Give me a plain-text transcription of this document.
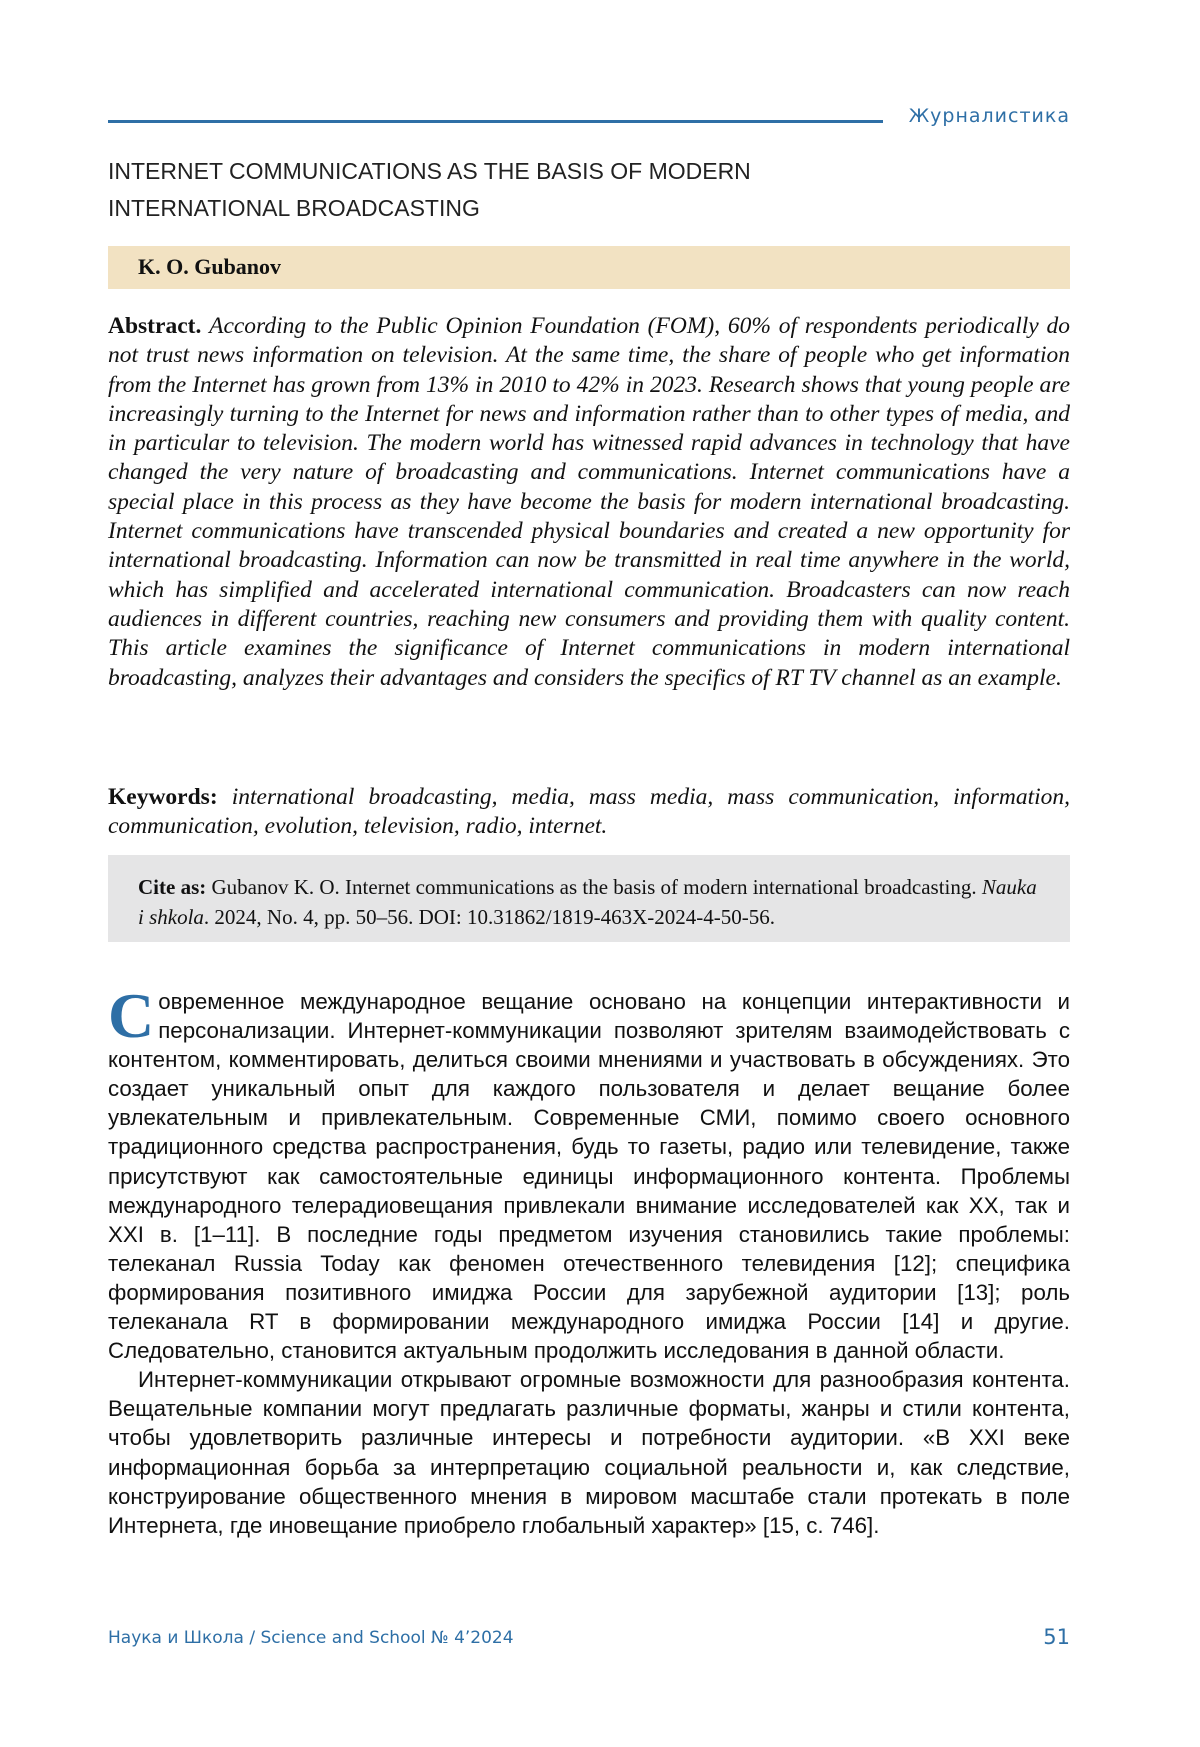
Журналистика
INTERNET COMMUNICATIONS AS THE BASIS OF MODERN
INTERNATIONAL BROADCASTING
K. O. Gubanov

Abstract. According to the Public Opinion Foundation (FOM), 60% of respondents periodically do not trust news information on television. At the same time, the share of people who get information from the Internet has grown from 13% in 2010 to 42% in 2023. Research shows that young people are increasingly turning to the Internet for news and information rather than to other types of media, and in particular to television. The modern world has witnessed rapid advances in technology that have changed the very nature of broadcasting and communications. Internet communications have a special place in this process as they have become the basis for modern international broadcasting. Internet communications have transcended physical boundaries and created a new opportunity for international broadcasting. Information can now be transmitted in real time anywhere in the world, which has simplified and accelerated international communication. Broadcasters can now reach audiences in different countries, reaching new consumers and providing them with quality content. This article examines the significance of Internet communications in modern international broadcasting, analyzes their advantages and considers the specifics of RT TV channel as an example.

Keywords: international broadcasting, media, mass media, mass communication, information, communication, evolution, television, radio, internet.

Cite as: Gubanov K. O. Internet communications as the basis of modern international broadcasting. Nauka i shkola. 2024, No. 4, pp. 50–56. DOI: 10.31862/1819-463X-2024-4-50-56.

Современное международное вещание основано на концепции интерактивности и персонализации. Интернет-коммуникации позволяют зрителям взаимодействовать с контентом, комментировать, делиться своими мнениями и участвовать в обсуждениях. Это создает уникальный опыт для каждого пользователя и делает вещание более увлекательным и привлекательным. Современные СМИ, помимо своего основного традиционного средства распространения, будь то газеты, радио или телевидение, также присутствуют как самостоятельные единицы информационного контента. Проблемы международного телерадиовещания привлекали внимание исследователей как XX, так и XXI в. [1–11]. В последние годы предметом изучения становились такие проблемы: телеканал Russia Today как феномен отечественного телевидения [12]; специфика формирования позитивного имиджа России для зарубежной аудитории [13]; роль телеканала RT в формировании международного имиджа России [14] и другие. Следовательно, становится актуальным продолжить исследования в данной области.

Интернет-коммуникации открывают огромные возможности для разнообразия контента. Вещательные компании могут предлагать различные форматы, жанры и стили контента, чтобы удовлетворить различные интересы и потребности аудитории. «В XXI веке информационная борьба за интерпретацию социальной реальности и, как следствие, конструирование общественного мнения в мировом масштабе стали протекать в поле Интернета, где иновещание приобрело глобальный характер» [15, с. 746].

Наука и Школа / Science and School № 4’2024	51
